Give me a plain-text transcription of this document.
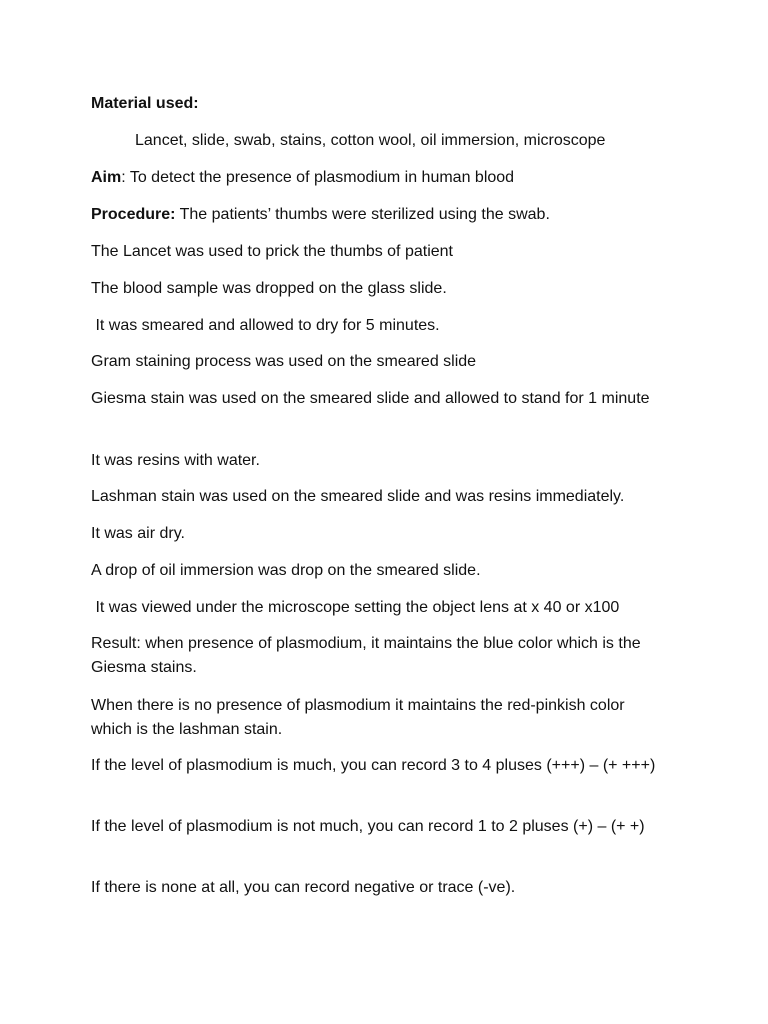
Material used:
Lancet, slide, swab, stains, cotton wool, oil immersion, microscope
Aim: To detect the presence of plasmodium in human blood
Procedure: The patients’ thumbs were sterilized using the swab.
The Lancet was used to prick the thumbs of patient
The blood sample was dropped on the glass slide.
It was smeared and allowed to dry for 5 minutes.
Gram staining process was used on the smeared slide
Giesma stain was used on the smeared slide and allowed to stand for 1 minute
It was resins with water.
Lashman stain was used on the smeared slide and was resins immediately.
It was air dry.
A drop of oil immersion was drop on the smeared slide.
It was viewed under the microscope setting the object lens at x 40 or x100
Result: when presence of plasmodium, it maintains the blue color which is the Giesma stains.
When there is no presence of plasmodium it maintains the red-pinkish color which is the lashman stain.
If the level of plasmodium is much, you can record 3 to 4 pluses (+++) – (+ +++)
If the level of plasmodium is not much, you can record 1 to 2 pluses (+) – (+ +)
If there is none at all, you can record negative or trace (-ve).
